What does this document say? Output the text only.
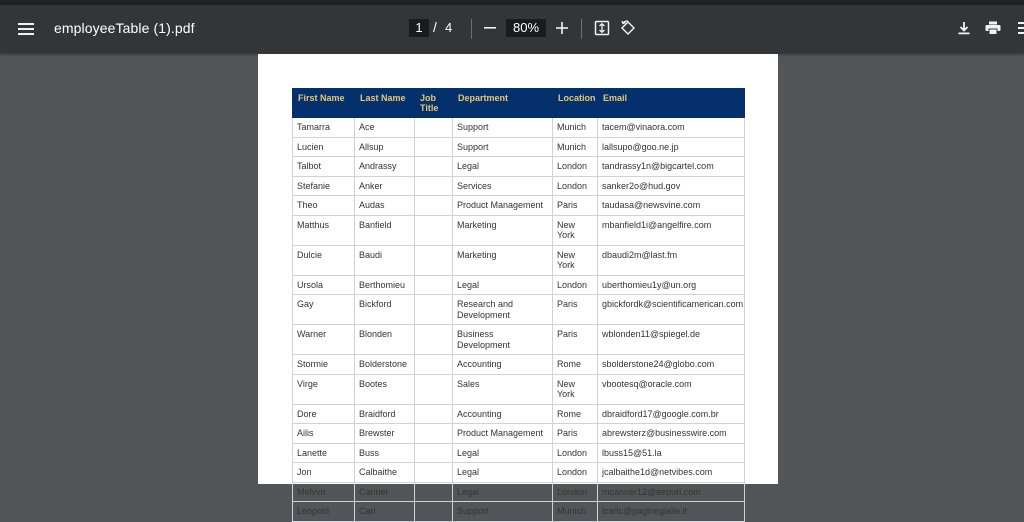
employeeTable (1).pdf	1 / 4	80%
First Name	Last Name	Job Title	Department	Location	Email
Tamarra	Ace		Support	Munich	tacem@vinaora.com
Lucien	Allsup		Support	Munich	lallsupo@goo.ne.jp
Talbot	Andrassy		Legal	London	tandrassy1n@bigcartel.com
Stefanie	Anker		Services	London	sanker2o@hud.gov
Theo	Audas		Product Management	Paris	taudasa@newsvine.com
Matthus	Banfield		Marketing	New York	mbanfield1i@angelfire.com
Dulcie	Baudi		Marketing	New York	dbaudi2m@last.fm
Ursola	Berthomieu		Legal	London	uberthomieu1y@un.org
Gay	Bickford		Research and Development	Paris	gbickfordk@scientificamerican.com
Warner	Blonden		Business Development	Paris	wblonden11@spiegel.de
Stormie	Bolderstone		Accounting	Rome	sbolderstone24@globo.com
Virge	Bootes		Sales	New York	vbootesq@oracle.com
Dore	Braidford		Accounting	Rome	dbraidford17@google.com.br
Ailis	Brewster		Product Management	Paris	abrewsterz@businesswire.com
Lanette	Buss		Legal	London	lbuss15@51.la
Jon	Calbaithe		Legal	London	jcalbaithe1d@netvibes.com
Melvyn	Canner		Legal	London	mcanner12@eepurl.com
Leopold	Carl		Support	Munich	lcarlc@paginegialle.it
